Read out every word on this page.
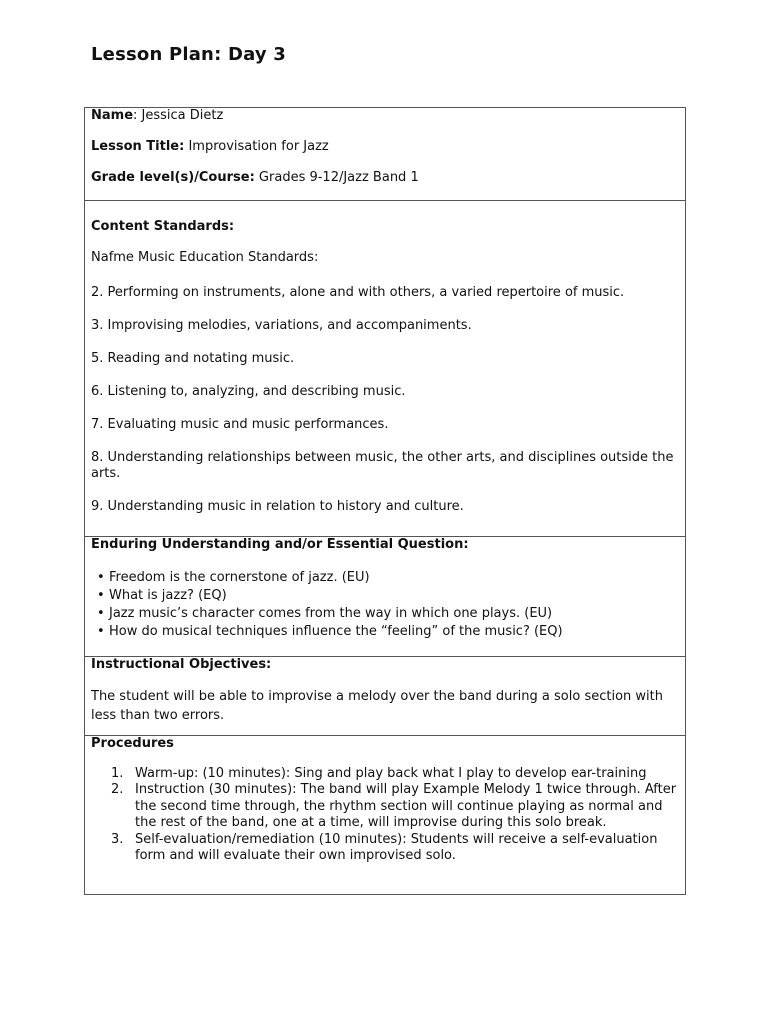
Lesson Plan: Day 3
Name: Jessica Dietz
Lesson Title: Improvisation for Jazz
Grade level(s)/Course: Grades 9-12/Jazz Band 1

Content Standards:

Nafme Music Education Standards:

2. Performing on instruments, alone and with others, a varied repertoire of music.

3. Improvising melodies, variations, and accompaniments.

5. Reading and notating music.

6. Listening to, analyzing, and describing music.

7. Evaluating music and music performances.

8. Understanding relationships between music, the other arts, and disciplines outside the arts.

9. Understanding music in relation to history and culture.

Enduring Understanding and/or Essential Question:

• Freedom is the cornerstone of jazz. (EU)
• What is jazz? (EQ)
• Jazz music’s character comes from the way in which one plays. (EU)
• How do musical techniques influence the “feeling” of the music? (EQ)

Instructional Objectives:

The student will be able to improvise a melody over the band during a solo section with less than two errors.

Procedures

1. Warm-up: (10 minutes): Sing and play back what I play to develop ear-training
2. Instruction (30 minutes): The band will play Example Melody 1 twice through. After the second time through, the rhythm section will continue playing as normal and the rest of the band, one at a time, will improvise during this solo break.
3. Self-evaluation/remediation (10 minutes): Students will receive a self-evaluation form and will evaluate their own improvised solo.
